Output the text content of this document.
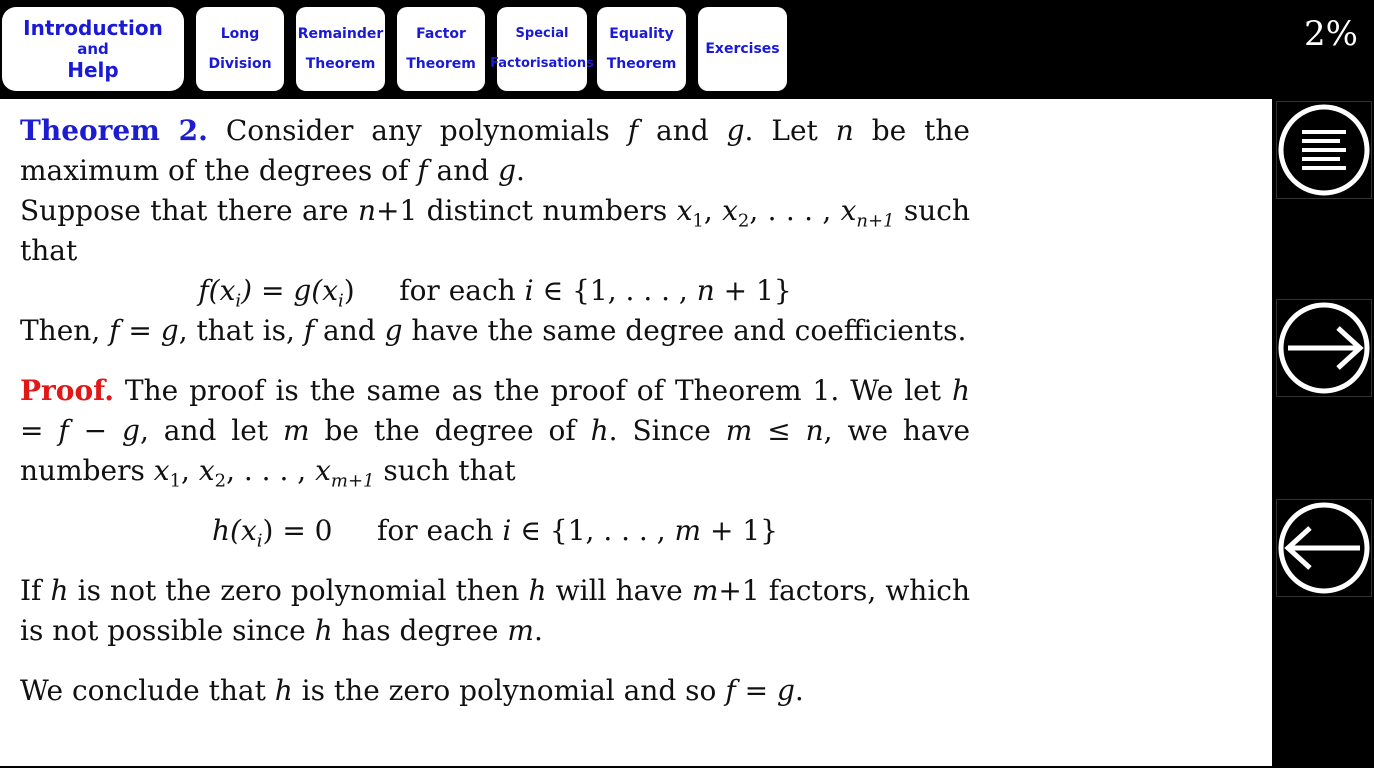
Introduction
and
Help
Long
Division
Remainder
Theorem
Factor
Theorem
Special
Factorisations
Equality
Theorem
Exercises	2%

Theorem 2. Consider any polynomials f and g. Let n be the maximum of the degrees of f and g.

Suppose that there are n+1 distinct numbers $x_1$, $x_2$, . . . , $x_{n+1}$ such that

$f(x_i) = g(x_i)$ for each i ∈ {1, . . . , n + 1}

Then, f = g, that is, f and g have the same degree and coefficients.

Proof. The proof is the same as the proof of Theorem 1. We let h = f − g, and let m be the degree of h. Since m ≤ n, we have numbers $x_1$, $x_2$, . . . , $x_{m+1}$ such that

$h(x_i) = 0$ for each i ∈ {1, . . . , m + 1}

If h is not the zero polynomial then h will have m+1 factors, which is not possible since h has degree m.

We conclude that h is the zero polynomial and so f = g.
